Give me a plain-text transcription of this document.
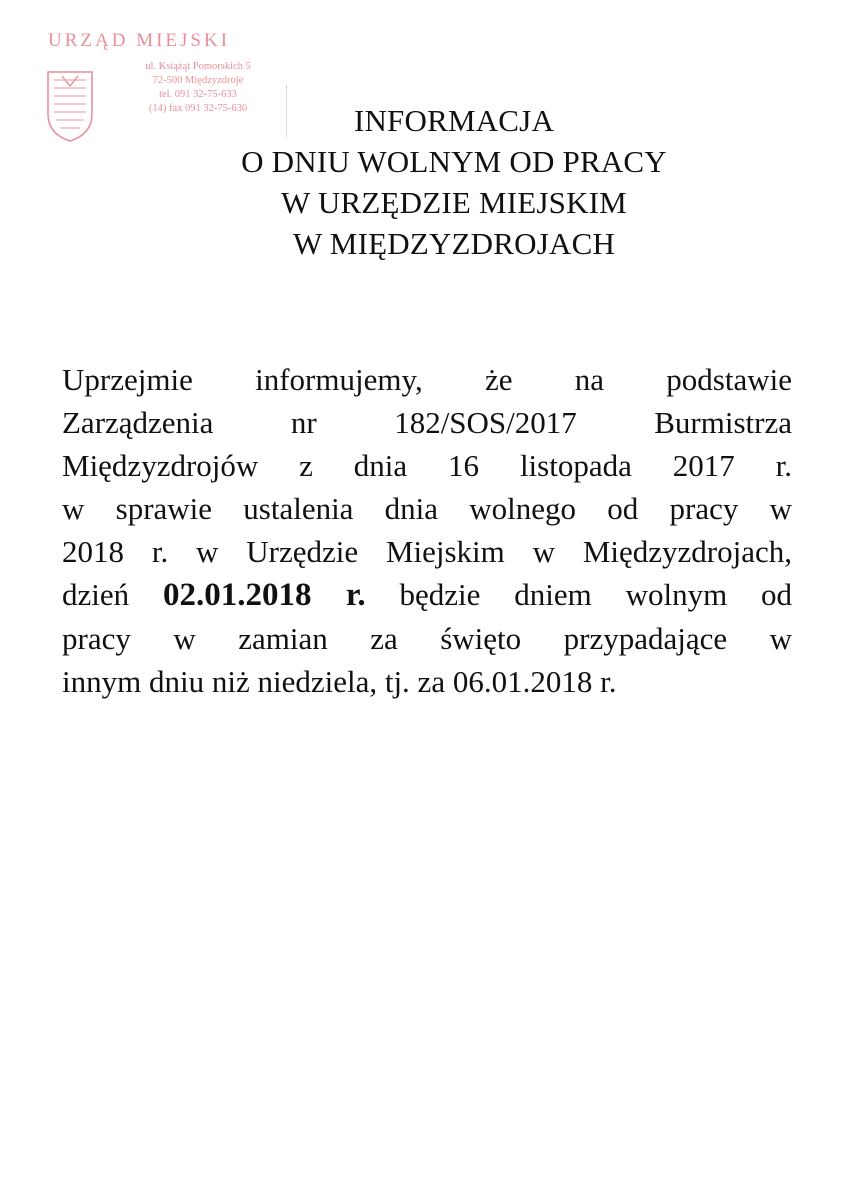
URZĄD MIEJSKI
ul. Książąt Pomorskich 5
72-500 Międzyzdroje
tel. 091 32-75-633
(14) fax 091 32-75-630	INFORMACJA
O DNIU WOLNYM OD PRACY
W URZĘDZIE MIEJSKIM
W MIĘDZYZDROJACH
Uprzejmie informujemy, że na podstawie
Zarządzenia nr 182/SOS/2017 Burmistrza
Międzyzdrojów z dnia 16 listopada 2017 r.
w sprawie ustalenia dnia wolnego od pracy w
2018 r. w Urzędzie Miejskim w Międzyzdrojach,
dzień 02.01.2018 r. będzie dniem wolnym od
pracy w zamian za święto przypadające w
innym dniu niż niedziela, tj. za 06.01.2018 r.
